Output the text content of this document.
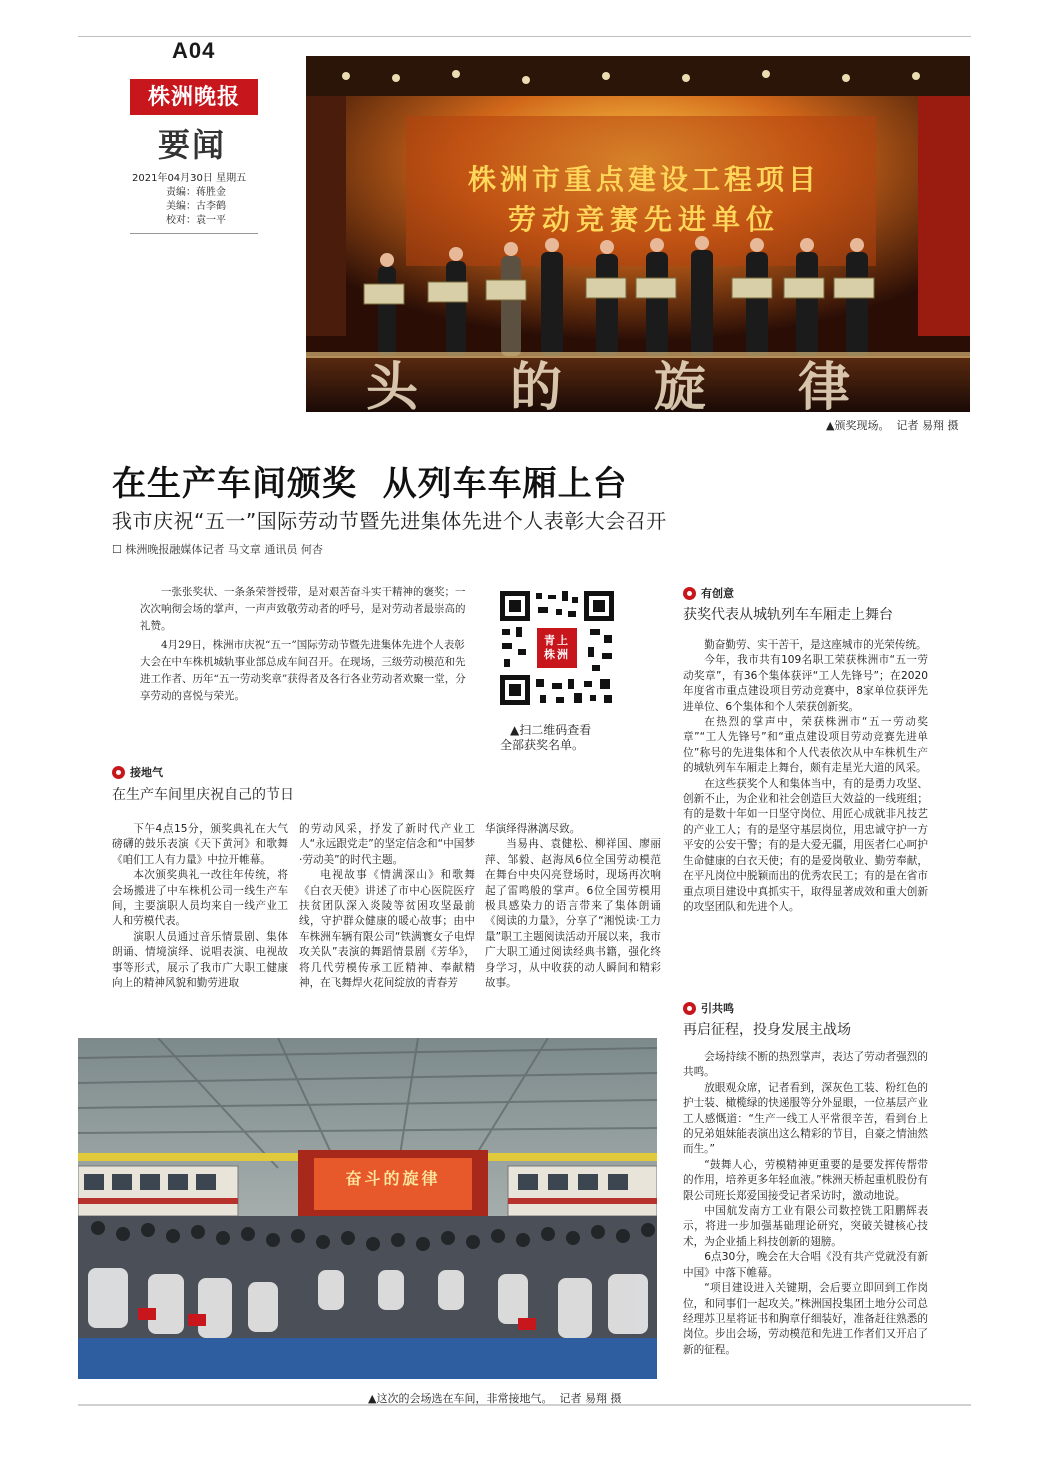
A04
株洲晚报
要闻
2021年04月30日 星期五
责编：蒋胜金
美编：古李鹤
校对：袁一平
株洲市重点建设工程项目
劳动竞赛先进单位
头的旋律
▲颁奖现场。  记者 易翔 摄
在生产车间颁奖  从列车车厢上台
我市庆祝“五一”国际劳动节暨先进集体先进个人表彰大会召开
☐ 株洲晚报融媒体记者 马文章 通讯员 何杏

一张张奖状、一条条荣誉授带，是对艰苦奋斗实干精神的褒奖；一次次响彻会场的掌声，一声声致敬劳动者的呼号，是对劳动者最崇高的礼赞。

4月29日，株洲市庆祝“五一”国际劳动节暨先进集体先进个人表彰大会在中车株机城轨事业部总成车间召开。在现场，三级劳动模范和先进工作者、历年“五一劳动奖章”获得者及各行各业劳动者欢聚一堂，分享劳动的喜悦与荣光。

青上株洲
▲扫二维码查看
全部获奖名单。
接地气
在生产车间里庆祝自己的节日

下午4点15分，颁奖典礼在大气磅礴的鼓乐表演《天下黄河》和歌舞《咱们工人有力量》中拉开帷幕。

本次颁奖典礼一改往年传统，将会场搬进了中车株机公司一线生产车间，主要演职人员均来自一线产业工人和劳模代表。

演职人员通过音乐情景剧、集体朗诵、情境演绎、说唱表演、电视故事等形式，展示了我市广大职工健康向上的精神风貌和勤劳进取

的劳动风采，抒发了新时代产业工人“永远跟党走”的坚定信念和“中国梦·劳动美”的时代主题。

电视故事《情满深山》和歌舞《白衣天使》讲述了市中心医院医疗扶贫团队深入炎陵等贫困攻坚最前线，守护群众健康的暖心故事；由中车株洲车辆有限公司“铁满寰女子电焊攻关队”表演的舞蹈情景剧《芳华》，将几代劳模传承工匠精神、奉献精神，在飞舞焊火花间绽放的青春芳

华演绎得淋漓尽致。

当易冉、袁健松、柳祥国、廖丽萍、邹毅、赵海凤6位全国劳动模范在舞台中央闪亮登场时，现场再次响起了雷鸣般的掌声。6位全国劳模用极具感染力的语言带来了集体朗诵《阅读的力量》，分享了“湘悦读·工力量”职工主题阅读活动开展以来，我市广大职工通过阅读经典书籍，强化终身学习，从中收获的动人瞬间和精彩故事。

奋斗的旋律
▲这次的会场选在车间，非常接地气。  记者 易翔 摄
有创意
获奖代表从城轨列车车厢走上舞台

勤奋勤劳、实干苦干，是这座城市的光荣传统。

今年，我市共有109名职工荣获株洲市“五一劳动奖章”，有36个集体获评“工人先锋号”；在2020年度省市重点建设项目劳动竞赛中，8家单位获评先进单位、6个集体和个人荣获创新奖。

在热烈的掌声中，荣获株洲市“五一劳动奖章”“工人先锋号”和“重点建设项目劳动竞赛先进单位”称号的先进集体和个人代表依次从中车株机生产的城轨列车车厢走上舞台，颇有走星光大道的风采。

在这些获奖个人和集体当中，有的是勇力攻坚、创新不止，为企业和社会创造巨大效益的一线班组；有的是数十年如一日坚守岗位、用匠心成就非凡技艺的产业工人；有的是坚守基层岗位，用忠诚守护一方平安的公安干警；有的是大爱无疆，用医者仁心呵护生命健康的白衣天使；有的是爱岗敬业、勤劳奉献，在平凡岗位中脱颖而出的优秀农民工；有的是在省市重点项目建设中真抓实干，取得显著成效和重大创新的攻坚团队和先进个人。

引共鸣
再启征程，投身发展主战场

会场持续不断的热烈掌声，表达了劳动者强烈的共鸣。

放眼观众席，记者看到，深灰色工装、粉红色的护士装、橄榄绿的快递服等分外显眼，一位基层产业工人感慨道：“生产一线工人平常很辛苦，看到台上的兄弟姐妹能表演出这么精彩的节目，自豪之情油然而生。”

“鼓舞人心，劳模精神更重要的是要发挥传帮带的作用，培养更多年轻血液。”株洲天桥起重机股份有限公司班长郑爱国接受记者采访时，激动地说。

中国航发南方工业有限公司数控铣工阳鹏辉表示，将进一步加强基础理论研究，突破关键核心技术，为企业插上科技创新的翅膀。

6点30分，晚会在大合唱《没有共产党就没有新中国》中落下帷幕。

“项目建设进入关键期，会后要立即回到工作岗位，和同事们一起攻关。”株洲国投集团土地分公司总经理苏卫星将证书和胸章仔细装好，准备赶往熟悉的岗位。步出会场，劳动模范和先进工作者们又开启了新的征程。
